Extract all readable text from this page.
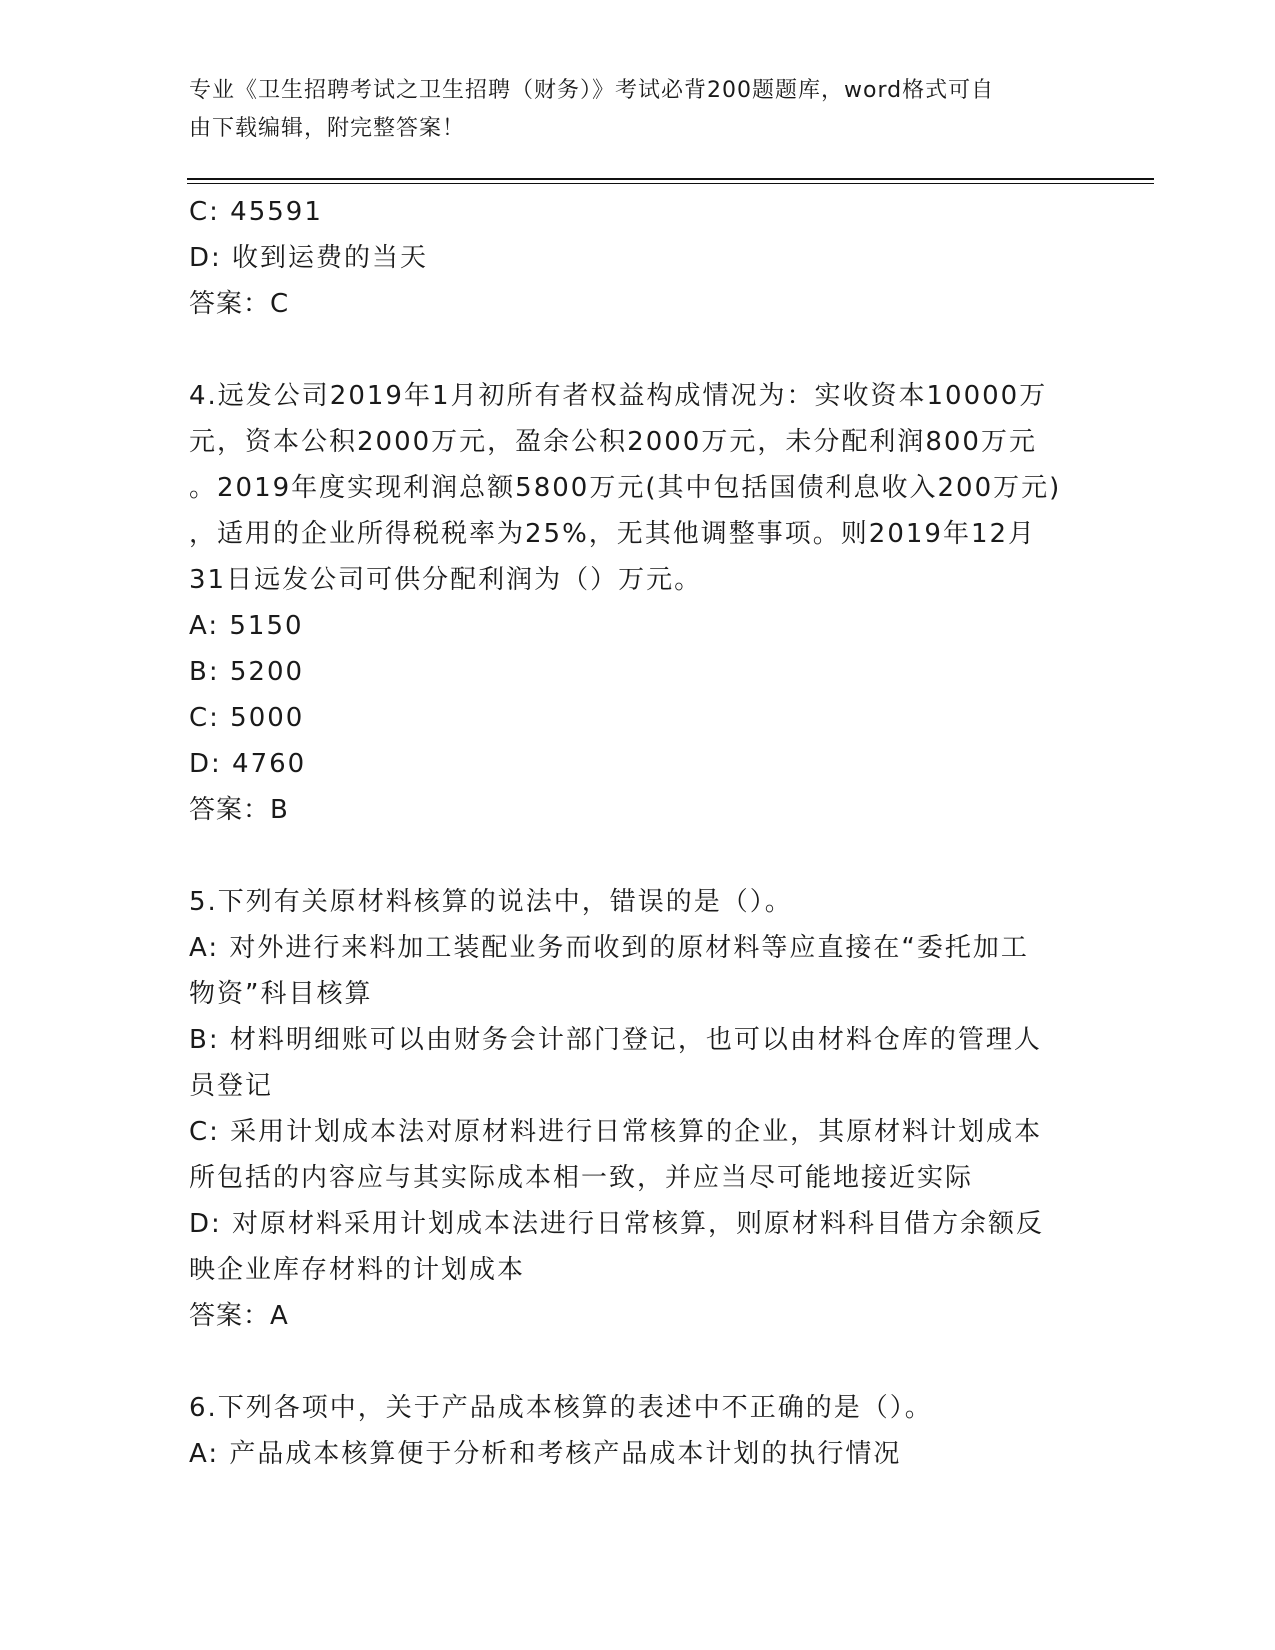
专业《卫生招聘考试之卫生招聘（财务）》考试必背200题题库，word格式可自
由下载编辑，附完整答案！
C: 45591
D: 收到运费的当天
答案：C
4.远发公司2019年1月初所有者权益构成情况为：实收资本10000万
元，资本公积2000万元，盈余公积2000万元，未分配利润800万元
。2019年度实现利润总额5800万元(其中包括国债利息收入200万元)
，适用的企业所得税税率为25%，无其他调整事项。则2019年12月
31日远发公司可供分配利润为（）万元。
A: 5150
B: 5200
C: 5000
D: 4760
答案：B
5.下列有关原材料核算的说法中，错误的是（）。
A: 对外进行来料加工装配业务而收到的原材料等应直接在“委托加工
物资”科目核算
B: 材料明细账可以由财务会计部门登记，也可以由材料仓库的管理人
员登记
C: 采用计划成本法对原材料进行日常核算的企业，其原材料计划成本
所包括的内容应与其实际成本相一致，并应当尽可能地接近实际
D: 对原材料采用计划成本法进行日常核算，则原材料科目借方余额反
映企业库存材料的计划成本
答案：A
6.下列各项中，关于产品成本核算的表述中不正确的是（）。
A: 产品成本核算便于分析和考核产品成本计划的执行情况
